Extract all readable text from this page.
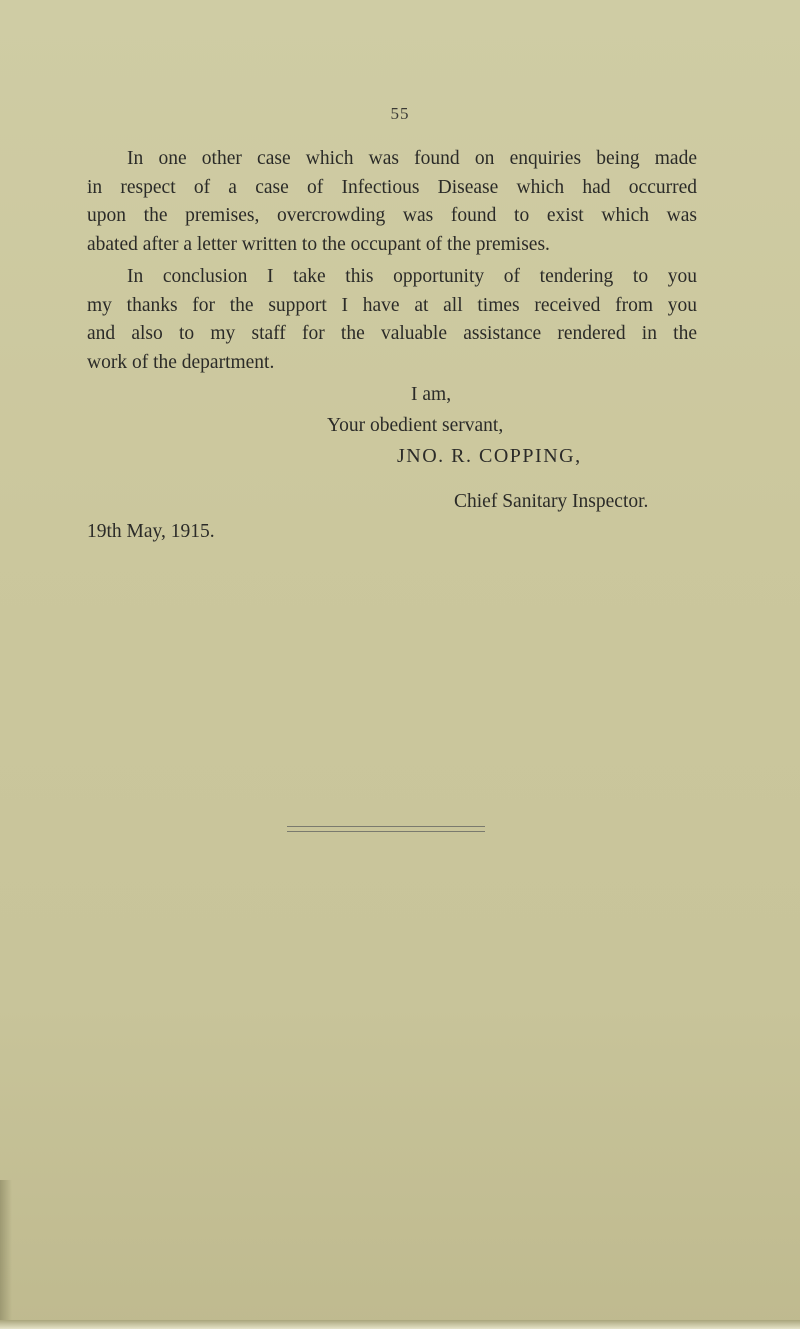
55
In one other case which was found on enquiries being made
in respect of a case of Infectious Disease which had occurred
upon the premises, overcrowding was found to exist which was
abated after a letter written to the occupant of the premises.
In conclusion I take this opportunity of tendering to you
my thanks for the support I have at all times received from you
and also to my staff for the valuable assistance rendered in the
work of the department.
I am,
Your obedient servant,
JNO. R. COPPING,
Chief Sanitary Inspector.
19th May, 1915.
